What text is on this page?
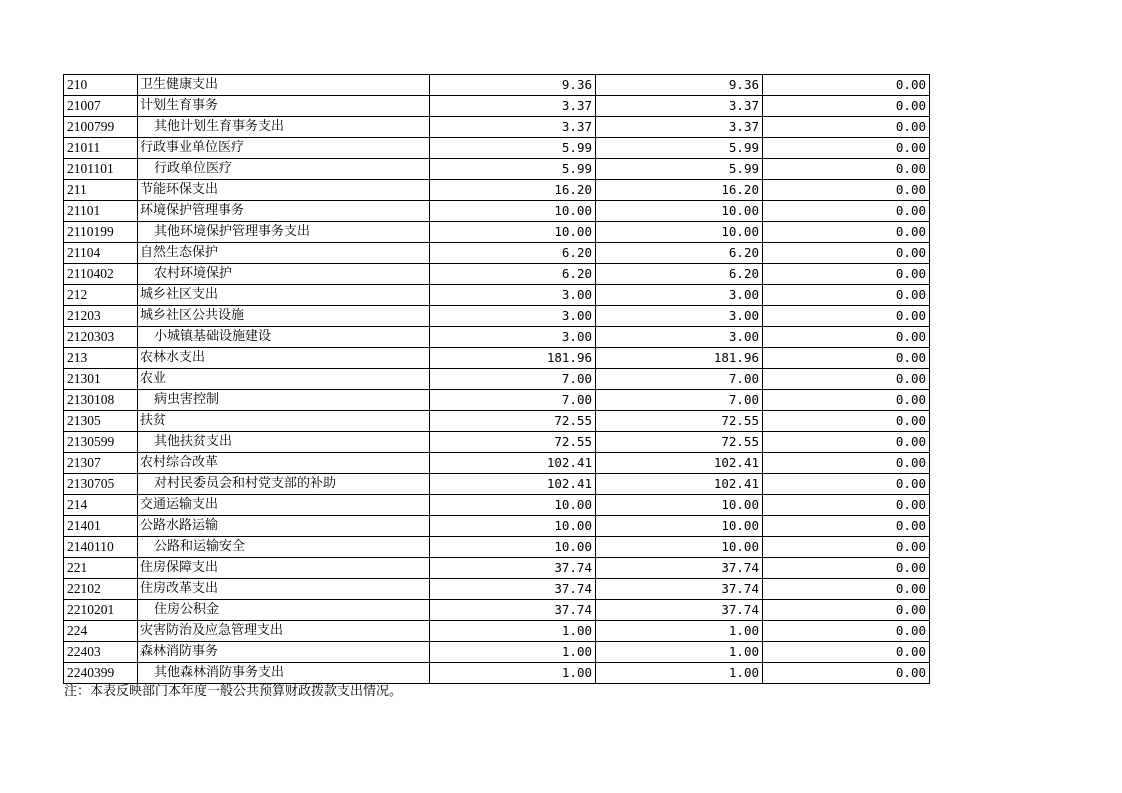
210	卫生健康支出	9.36	9.36	0.00
21007	计划生育事务	3.37	3.37	0.00
2100799	其他计划生育事务支出	3.37	3.37	0.00
21011	行政事业单位医疗	5.99	5.99	0.00
2101101	行政单位医疗	5.99	5.99	0.00
211	节能环保支出	16.20	16.20	0.00
21101	环境保护管理事务	10.00	10.00	0.00
2110199	其他环境保护管理事务支出	10.00	10.00	0.00
21104	自然生态保护	6.20	6.20	0.00
2110402	农村环境保护	6.20	6.20	0.00
212	城乡社区支出	3.00	3.00	0.00
21203	城乡社区公共设施	3.00	3.00	0.00
2120303	小城镇基础设施建设	3.00	3.00	0.00
213	农林水支出	181.96	181.96	0.00
21301	农业	7.00	7.00	0.00
2130108	病虫害控制	7.00	7.00	0.00
21305	扶贫	72.55	72.55	0.00
2130599	其他扶贫支出	72.55	72.55	0.00
21307	农村综合改革	102.41	102.41	0.00
2130705	对村民委员会和村党支部的补助	102.41	102.41	0.00
214	交通运输支出	10.00	10.00	0.00
21401	公路水路运输	10.00	10.00	0.00
2140110	公路和运输安全	10.00	10.00	0.00
221	住房保障支出	37.74	37.74	0.00
22102	住房改革支出	37.74	37.74	0.00
2210201	住房公积金	37.74	37.74	0.00
224	灾害防治及应急管理支出	1.00	1.00	0.00
22403	森林消防事务	1.00	1.00	0.00
2240399	其他森林消防事务支出	1.00	1.00	0.00
注：本表反映部门本年度一般公共预算财政拨款支出情况。
